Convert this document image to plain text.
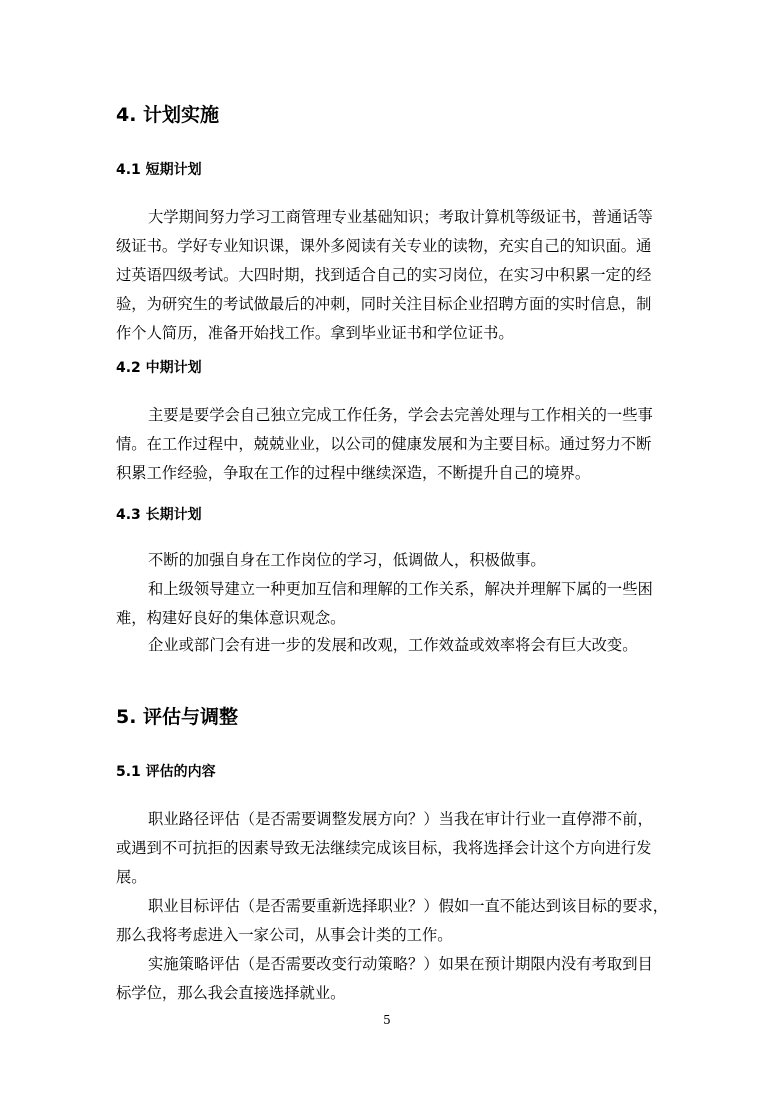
4. 计划实施
4.1 短期计划
大学期间努力学习工商管理专业基础知识；考取计算机等级证书，普通话等
级证书。学好专业知识课，课外多阅读有关专业的读物，充实自己的知识面。通
过英语四级考试。大四时期，找到适合自己的实习岗位，在实习中积累一定的经
验，为研究生的考试做最后的冲刺，同时关注目标企业招聘方面的实时信息，制
作个人简历，准备开始找工作。拿到毕业证书和学位证书。
4.2 中期计划
主要是要学会自己独立完成工作任务，学会去完善处理与工作相关的一些事
情。在工作过程中，兢兢业业，以公司的健康发展和为主要目标。通过努力不断
积累工作经验，争取在工作的过程中继续深造，不断提升自己的境界。
4.3 长期计划
不断的加强自身在工作岗位的学习，低调做人，积极做事。
和上级领导建立一种更加互信和理解的工作关系，解决并理解下属的一些困
难，构建好良好的集体意识观念。
企业或部门会有进一步的发展和改观，工作效益或效率将会有巨大改变。
5. 评估与调整
5.1 评估的内容
职业路径评估（是否需要调整发展方向？）当我在审计行业一直停滞不前，
或遇到不可抗拒的因素导致无法继续完成该目标，我将选择会计这个方向进行发
展。
职业目标评估（是否需要重新选择职业？）假如一直不能达到该目标的要求，
那么我将考虑进入一家公司，从事会计类的工作。
实施策略评估（是否需要改变行动策略？）如果在预计期限内没有考取到目
标学位，那么我会直接选择就业。
5
